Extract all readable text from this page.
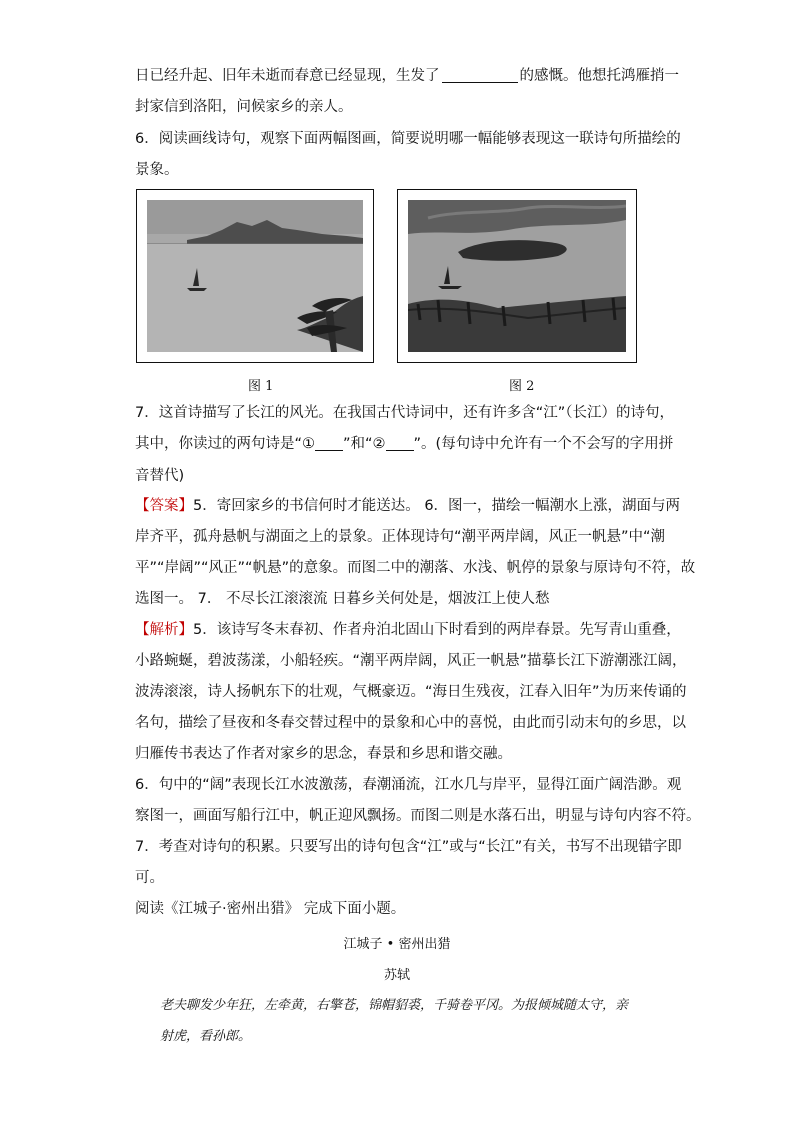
日已经升起、旧年未逝而春意已经显现，生发了	的感慨。他想托鸿雁捎一
封家信到洛阳，问候家乡的亲人。
6．阅读画线诗句，观察下面两幅图画，简要说明哪一幅能够表现这一联诗句所描绘的
景象。
图 1	图 2
7．这首诗描写了长江的风光。在我国古代诗词中，还有许多含“江”（长江）的诗句，
其中，你读过的两句诗是“① ”和“② ”。(每句诗中允许有一个不会写的字用拼
音替代)
【答案】5．寄回家乡的书信何时才能送达。 6．图一，描绘一幅潮水上涨，湖面与两
岸齐平，孤舟悬帆与湖面之上的景象。正体现诗句“潮平两岸阔，风正一帆悬”中“潮
平”“岸阔”“风正”“帆悬”的意象。而图二中的潮落、水浅、帆停的景象与原诗句不符，故
选图一。 7． 不尽长江滚滚流 日暮乡关何处是，烟波江上使人愁
【解析】5．该诗写冬末春初、作者舟泊北固山下时看到的两岸春景。先写青山重叠，
小路蜿蜒，碧波荡漾，小船轻疾。“潮平两岸阔，风正一帆悬”描摹长江下游潮涨江阔，
波涛滚滚，诗人扬帆东下的壮观，气概豪迈。“海日生残夜，江春入旧年”为历来传诵的
名句，描绘了昼夜和冬春交替过程中的景象和心中的喜悦，由此而引动末句的乡思，以
归雁传书表达了作者对家乡的思念，春景和乡思和谐交融。
6．句中的“阔”表现长江水波激荡，春潮涌流，江水几与岸平，显得江面广阔浩渺。观
察图一，画面写船行江中，帆正迎风飘扬。而图二则是水落石出，明显与诗句内容不符。
7．考查对诗句的积累。只要写出的诗句包含“江”或与“长江”有关，书写不出现错字即
可。
阅读《江城子·密州出猎》 完成下面小题。
江城子 • 密州出猎
苏轼
老夫聊发少年狂，左牵黄，右擎苍，锦帽貂裘，千骑卷平冈。为报倾城随太守，亲
射虎，看孙郎。
